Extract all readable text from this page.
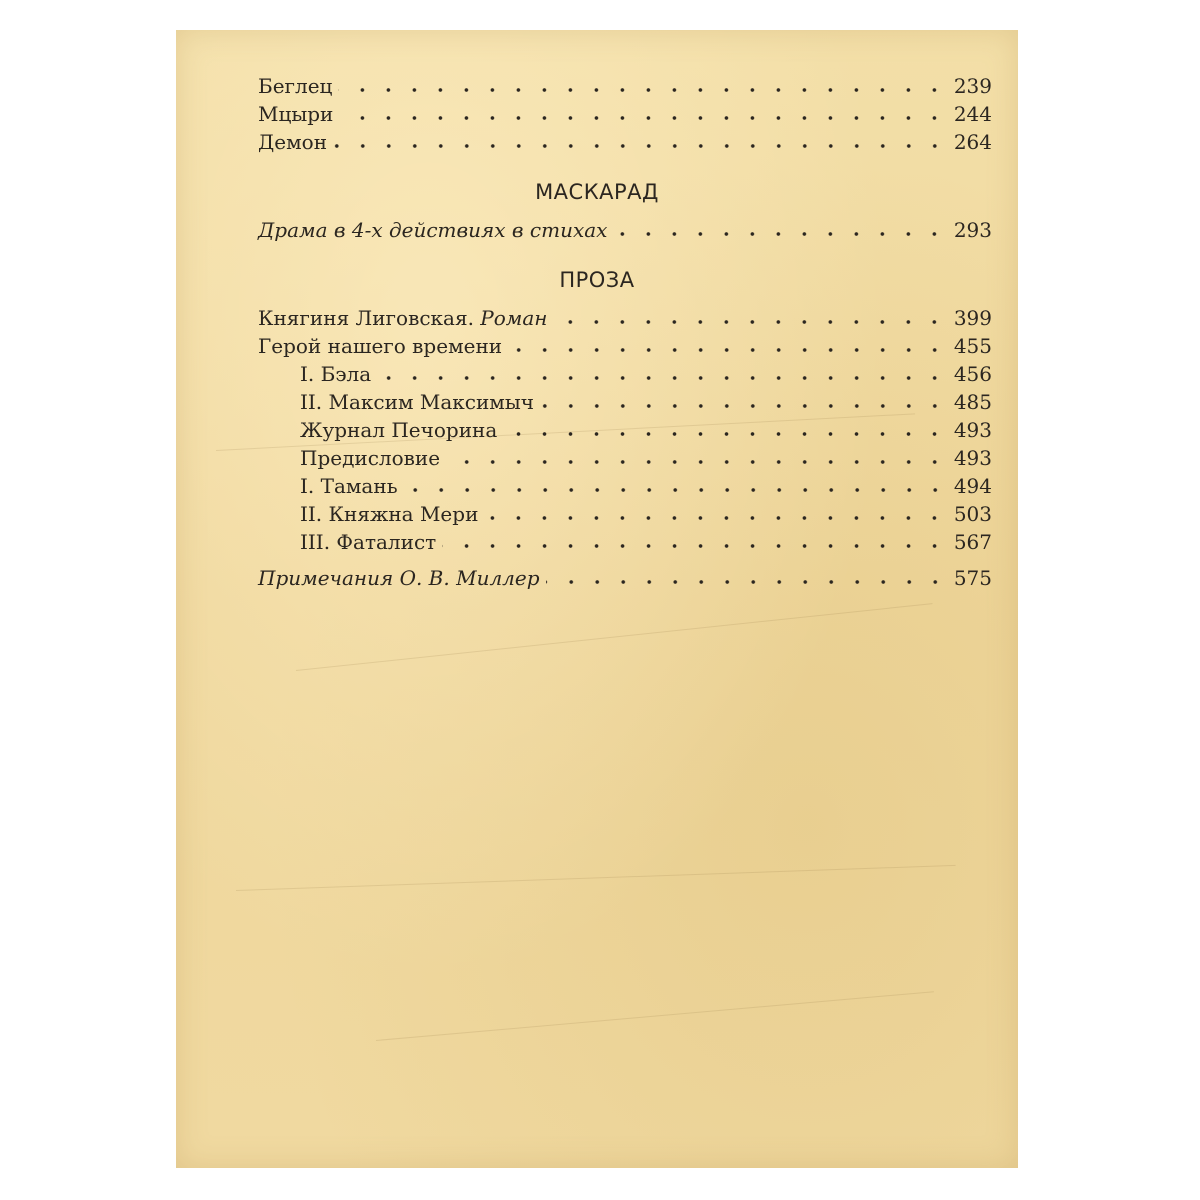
Беглец	239
Мцыри	244
Демон	264
МАСКАРАД
Драма в 4-х действиях в стихах	293
ПРОЗА
Княгиня Лиговская. Роман	399
Герой нашего времени	455
I. Бэла	456
II. Максим Максимыч	485
Журнал Печорина	493
Предисловие	493
I. Тамань	494
II. Княжна Мери	503
III. Фаталист	567
Примечания О. В. Миллер	575
